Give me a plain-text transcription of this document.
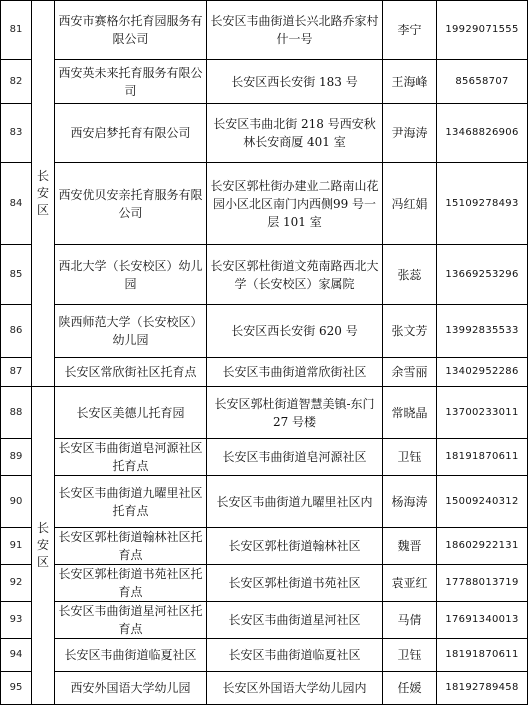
81	长安区	西安市赛格尔托育园服务有限公司	长安区韦曲街道长兴北路乔家村什一号	李宁	19929071555
82		西安英未来托育服务有限公司	长安区西长安街 183 号	王海峰	85658707
83		西安启梦托育有限公司	长安区韦曲北街 218 号西安秋林长安商厦 401 室	尹海涛	13468826906
84		西安优贝安亲托育服务有限公司	长安区郭杜街办建业二路南山花园小区北区南门内西侧99 号一层 101 室	冯红娟	15109278493
85		西北大学（长安校区）幼儿园	长安区郭杜街道文苑南路西北大学（长安校区）家属院	张蕊	13669253296
86		陕西师范大学（长安校区）幼儿园	长安区西长安街 620 号	张文芳	13992835533
87		长安区常欣街社区托育点	长安区韦曲街道常欣街社区	余雪丽	13402952286
88	长安区	长安区美德儿托育园	长安区郭杜街道智慧美镇-东门 27 号楼	常晓晶	13700233011
89		长安区韦曲街道皂河源社区托育点	长安区韦曲街道皂河源社区	卫钰	18191870611
90		长安区韦曲街道九曜里社区托育点	长安区韦曲街道九曜里社区内	杨海涛	15009240312
91		长安区郭杜街道翰林社区托育点	长安区郭杜街道翰林社区	魏晋	18602922131
92		长安区郭杜街道书苑社区托育点	长安区郭杜街道书苑社区	袁亚红	17788013719
93		长安区韦曲街道星河社区托育点	长安区韦曲街道星河社区	马倩	17691340013
94		长安区韦曲街道临夏社区	长安区韦曲街道临夏社区	卫钰	18191870611
95		西安外国语大学幼儿园	长安区外国语大学幼儿园内	任媛	18192789458
